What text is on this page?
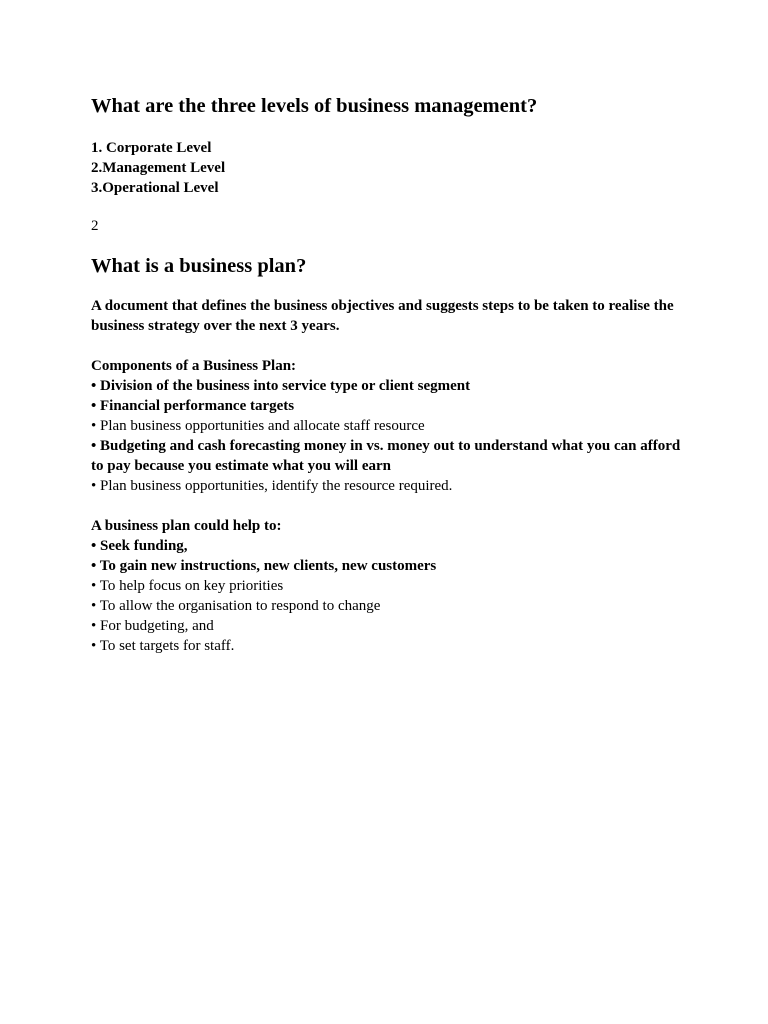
What are the three levels of business management?

1. Corporate Level

2.Management Level

3.Operational Level

2
What is a business plan?

A document that defines the business objectives and suggests steps to be taken to realise the business strategy over the next 3 years.

Components of a Business Plan:

• Division of the business into service type or client segment

• Financial performance targets

• Plan business opportunities and allocate staff resource

• Budgeting and cash forecasting money in vs. money out to understand what you can afford to pay because you estimate what you will earn

• Plan business opportunities, identify the resource required.

A business plan could help to:

• Seek funding,

• To gain new instructions, new clients, new customers

• To help focus on key priorities

• To allow the organisation to respond to change

• For budgeting, and

• To set targets for staff.
